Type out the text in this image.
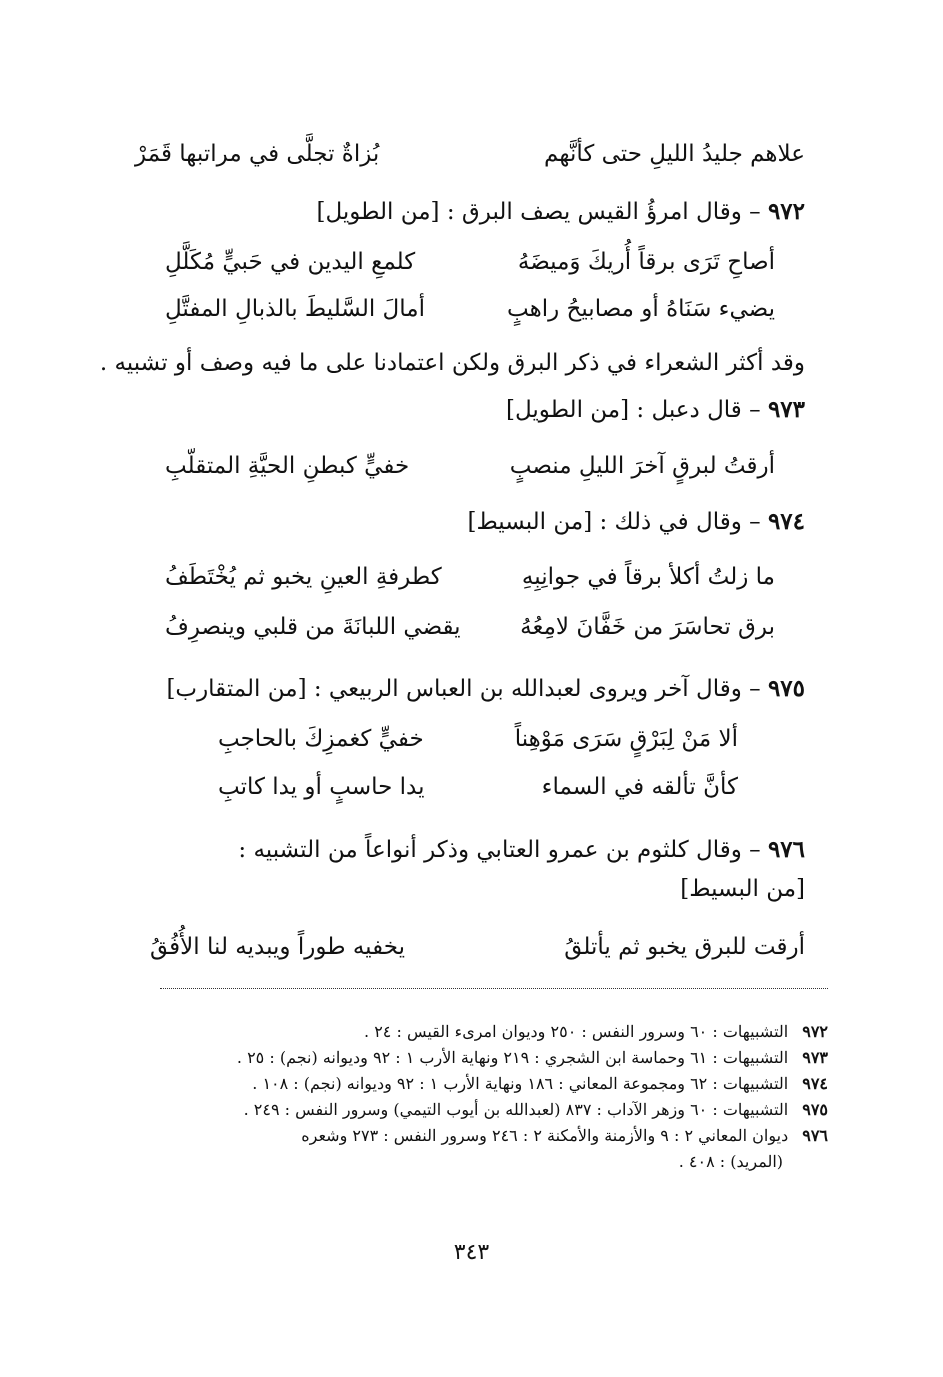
علاهم جليدُ الليلِ حتى كأنَّهم
بُزاةٌ تجلَّى في مراتبها قَمَرْ
٩٧٢ – وقال امرؤُ القيس يصف البرق : [من الطويل]
أصاحِ تَرَى برقاً أُريكَ وَميضَهُ
كلمعِ اليدين في حَبيٍّ مُكَلَّلِ
يضيء سَنَاهُ أو مصابيحُ راهبٍ
أمالَ السَّليطَ بالذبالِ المفتَّلِ
وقد أكثر الشعراء في ذكر البرق ولكن اعتمادنا على ما فيه وصف أو تشبيه .
٩٧٣ – قال دعبل : [من الطويل]
أرقتُ لبرقٍ آخرَ الليلِ منصبٍ
خفيٍّ كبطنِ الحيَّةِ المتقلّبِ
٩٧٤ – وقال في ذلك : [من البسيط]
ما زلتُ أكلأ برقاً في جوانِبِهِ
كطرفةِ العينِ يخبو ثم يُخْتَطَفُ
برق تحاسَرَ من خَفَّانَ لامِعُهُ
يقضي اللبانَةَ من قلبي وينصرِفُ
٩٧٥ – وقال آخر ويروى لعبدالله بن العباس الربيعي : [من المتقارب]
ألا مَنْ لِبَرْقٍ سَرَى مَوْهِناً
خفيٍّ كغمزِكَ بالحاجبِ
كأنَّ تألقه في السماء
يدا حاسبٍ أو يدا كاتبِ
٩٧٦ – وقال كلثوم بن عمرو العتابي وذكر أنواعاً من التشبيه :
[من البسيط]
أرقت للبرق يخبو ثم يأتلقُ
يخفيه طوراً ويبديه لنا الأُفُقُ
٩٧٢التشبيهات : ٦٠ وسرور النفس : ٢٥٠ وديوان امرىء القيس : ٢٤ .
٩٧٣التشبيهات : ٦١ وحماسة ابن الشجري : ٢١٩ ونهاية الأرب ١ : ٩٢ وديوانه (نجم) : ٢٥ .
٩٧٤التشبيهات : ٦٢ ومجموعة المعاني : ١٨٦ ونهاية الأرب ١ : ٩٢ وديوانه (نجم) : ١٠٨ .
٩٧٥التشبيهات : ٦٠ وزهر الآداب : ٨٣٧ (لعبدالله بن أيوب التيمي) وسرور النفس : ٢٤٩ .
٩٧٦ديوان المعاني ٢ : ٩ والأزمنة والأمكنة ٢ : ٢٤٦ وسرور النفس : ٢٧٣ وشعره
(المريد) : ٤٠٨ .
٣٤٣
